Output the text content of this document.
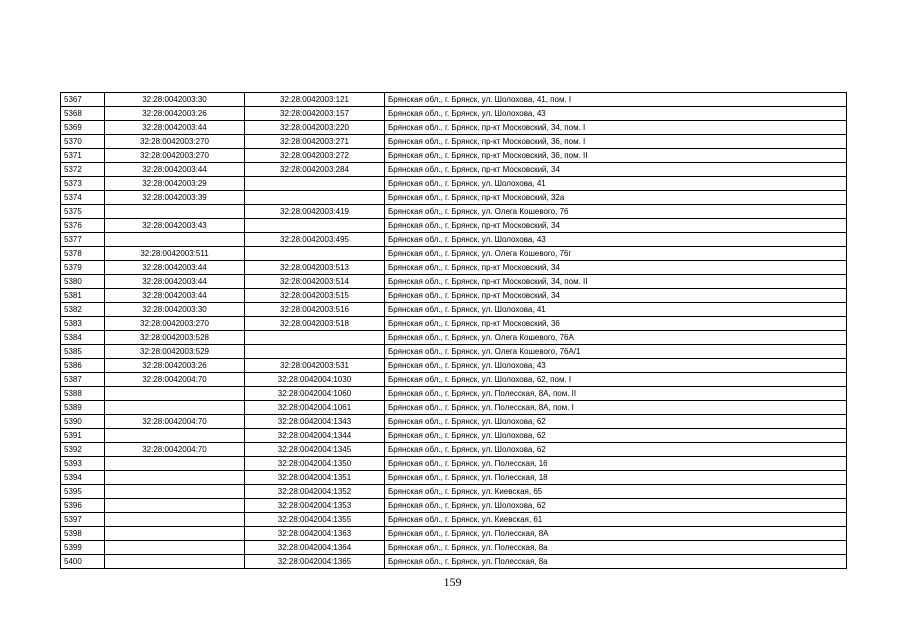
5367	32:28:0042003:30	32:28:0042003:121	Брянская обл., г. Брянск, ул. Шолохова, 41, пом. I
5368	32:28:0042003:26	32:28:0042003:157	Брянская обл., г. Брянск, ул. Шолохова, 43
5369	32:28:0042003:44	32:28:0042003:220	Брянская обл., г. Брянск, пр-кт Московский, 34, пом. I
5370	32:28:0042003:270	32:28:0042003:271	Брянская обл., г. Брянск, пр-кт Московский, 36, пом. I
5371	32:28:0042003:270	32:28:0042003:272	Брянская обл., г. Брянск, пр-кт Московский, 36, пом. II
5372	32:28:0042003:44	32:28:0042003:284	Брянская обл., г. Брянск, пр-кт Московский, 34
5373	32:28:0042003:29		Брянская обл., г. Брянск, ул. Шолохова, 41
5374	32:28:0042003:39		Брянская обл., г. Брянск, пр-кт Московский, 32а
5375		32:28:0042003:419	Брянская обл., г. Брянск, ул. Олега Кошевого, 76
5376	32:28:0042003:43		Брянская обл., г. Брянск, пр-кт Московский, 34
5377		32:28:0042003:495	Брянская обл., г. Брянск, ул. Шолохова, 43
5378	32:28:0042003:511		Брянская обл., г. Брянск, ул. Олега Кошевого, 76г
5379	32:28:0042003:44	32:28:0042003:513	Брянская обл., г. Брянск, пр-кт Московский, 34
5380	32:28:0042003:44	32:28:0042003:514	Брянская обл., г. Брянск, пр-кт Московский, 34, пом. II
5381	32:28:0042003:44	32:28:0042003:515	Брянская обл., г. Брянск, пр-кт Московский, 34
5382	32:28:0042003:30	32:28:0042003:516	Брянская обл., г. Брянск, ул. Шолохова, 41
5383	32:28:0042003:270	32:28:0042003:518	Брянская обл., г. Брянск, пр-кт Московский, 36
5384	32:28:0042003:528		Брянская обл., г. Брянск, ул. Олега Кошевого, 76А
5385	32:28:0042003:529		Брянская обл., г. Брянск, ул. Олега Кошевого, 76А/1
5386	32:28:0042003:26	32:28:0042003:531	Брянская обл., г. Брянск, ул. Шолохова, 43
5387	32:28:0042004:70	32:28:0042004:1030	Брянская обл., г. Брянск, ул. Шолохова, 62, пом. I
5388		32:28:0042004:1060	Брянская обл., г. Брянск, ул. Полесская, 8А, пом. II
5389		32:28:0042004:1061	Брянская обл., г. Брянск, ул. Полесская, 8А, пом. I
5390	32:28:0042004:70	32:28:0042004:1343	Брянская обл., г. Брянск, ул. Шолохова, 62
5391		32:28:0042004:1344	Брянская обл., г. Брянск, ул. Шолохова, 62
5392	32:28:0042004:70	32:28:0042004:1345	Брянская обл., г. Брянск, ул. Шолохова, 62
5393		32:28:0042004:1350	Брянская обл., г. Брянск, ул. Полесская, 16
5394		32:28:0042004:1351	Брянская обл., г. Брянск, ул. Полесская, 18
5395		32:28:0042004:1352	Брянская обл., г. Брянск, ул. Киевская, 65
5396		32:28:0042004:1353	Брянская обл., г. Брянск, ул. Шолохова, 62
5397		32:28:0042004:1355	Брянская обл., г. Брянск, ул. Киевская, 61
5398		32:28:0042004:1363	Брянская обл., г. Брянск, ул. Полесская, 8А
5399		32:28:0042004:1364	Брянская обл., г. Брянск, ул. Полесская, 8а
5400		32:28:0042004:1365	Брянская обл., г. Брянск, ул. Полесская, 8а
159
